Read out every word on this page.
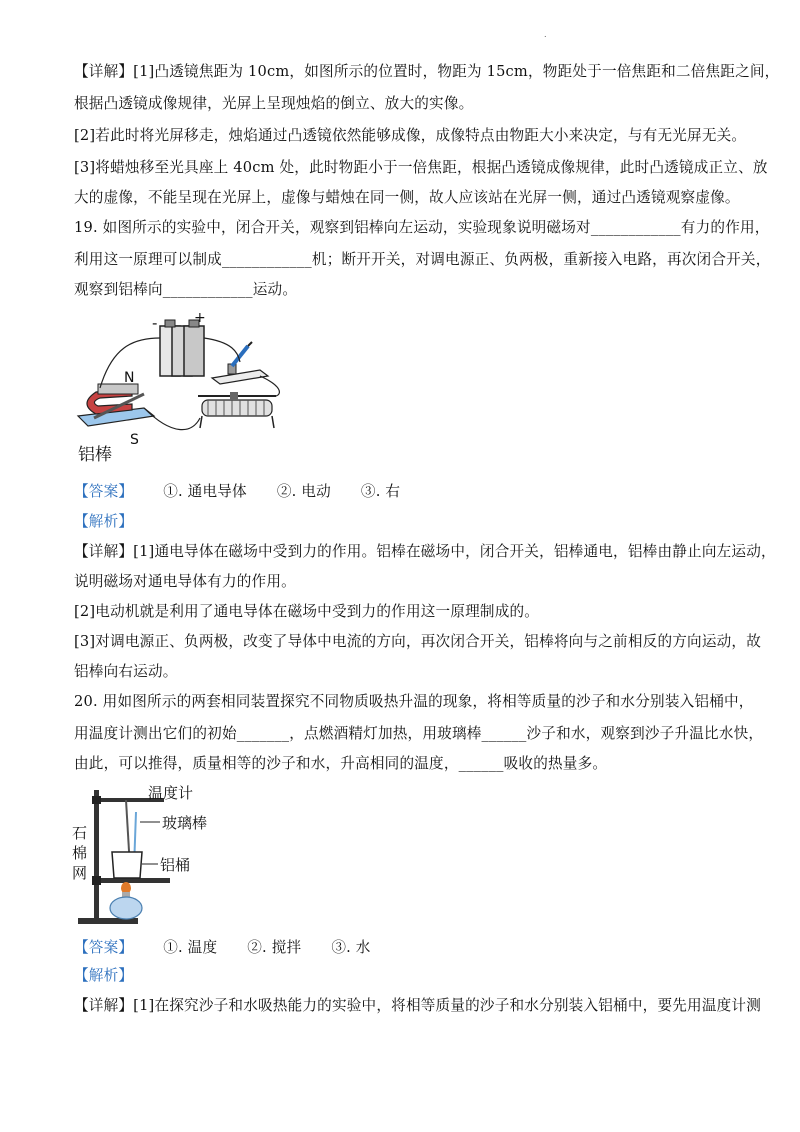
.
【详解】[1]凸透镜焦距为 10cm，如图所示的位置时，物距为 15cm，物距处于一倍焦距和二倍焦距之间，
根据凸透镜成像规律，光屏上呈现烛焰的倒立、放大的实像。
[2]若此时将光屏移走，烛焰通过凸透镜依然能够成像，成像特点由物距大小来决定，与有无光屏无关。
[3]将蜡烛移至光具座上 40cm 处，此时物距小于一倍焦距，根据凸透镜成像规律，此时凸透镜成正立、放
大的虚像，不能呈现在光屏上，虚像与蜡烛在同一侧，故人应该站在光屏一侧，通过凸透镜观察虚像。
19. 如图所示的实验中，闭合开关，观察到铝棒向左运动，实验现象说明磁场对____________有力的作用，
利用这一原理可以制成____________机；断开开关，对调电源正、负两极，重新接入电路，再次闭合开关，
观察到铝棒向____________运动。
-	+
N
S
铝棒
【答案】 ①. 通电导体 ②. 电动 ③. 右
【解析】
【详解】[1]通电导体在磁场中受到力的作用。铝棒在磁场中，闭合开关，铝棒通电，铝棒由静止向左运动，
说明磁场对通电导体有力的作用。
[2]电动机就是利用了通电导体在磁场中受到力的作用这一原理制成的。
[3]对调电源正、负两极，改变了导体中电流的方向，再次闭合开关，铝棒将向与之前相反的方向运动，故
铝棒向右运动。
20. 用如图所示的两套相同装置探究不同物质吸热升温的现象，将相等质量的沙子和水分别装入铝桶中，
用温度计测出它们的初始_______，点燃酒精灯加热，用玻璃棒______沙子和水，观察到沙子升温比水快，
由此，可以推得，质量相等的沙子和水，升高相同的温度，______吸收的热量多。
温度计
玻璃棒
铝桶
石
棉
网
【答案】 ①. 温度 ②. 搅拌 ③. 水
【解析】
【详解】[1]在探究沙子和水吸热能力的实验中，将相等质量的沙子和水分别装入铝桶中，要先用温度计测
